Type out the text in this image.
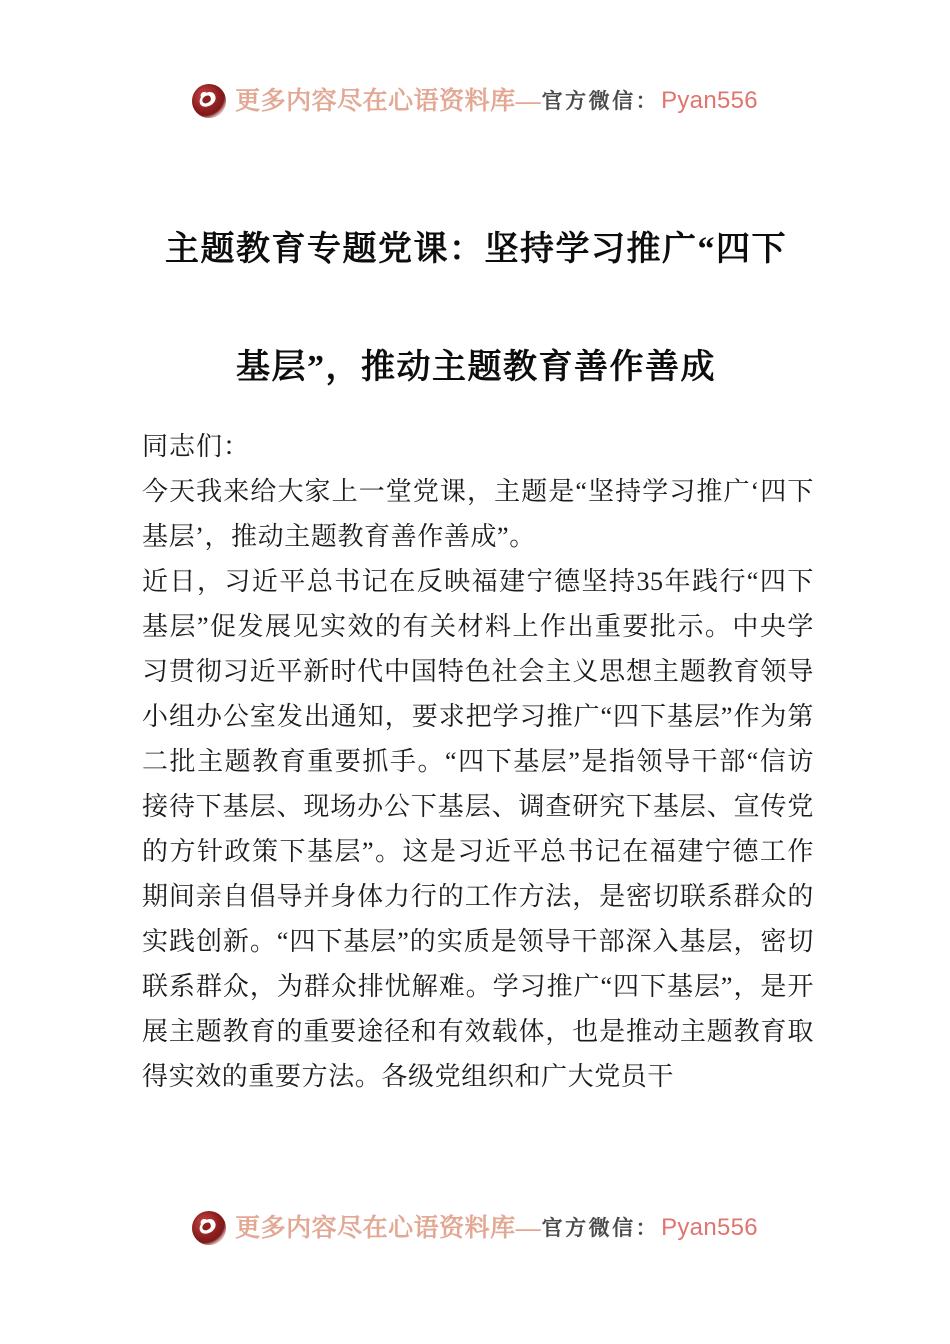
更多内容尽在心语资料库 — 官方微信： Pyan556
主题教育专题党课：坚持学习推广“四下
基层”，推动主题教育善作善成

同志们：

今天我来给大家上一堂党课，主题是“坚持学习推广‘四下基层’，推动主题教育善作善成”。

近日，习近平总书记在反映福建宁德坚持35年践行“四下基层”促发展见实效的有关材料上作出重要批示。中央学习贯彻习近平新时代中国特色社会主义思想主题教育领导小组办公室发出通知，要求把学习推广“四下基层”作为第二批主题教育重要抓手。“四下基层”是指领导干部“信访接待下基层、现场办公下基层、调查研究下基层、宣传党的方针政策下基层”。这是习近平总书记在福建宁德工作期间亲自倡导并身体力行的工作方法，是密切联系群众的实践创新。“四下基层”的实质是领导干部深入基层，密切联系群众，为群众排忧解难。学习推广“四下基层”，是开展主题教育的重要途径和有效载体，也是推动主题教育取得实效的重要方法。各级党组织和广大党员干

更多内容尽在心语资料库 — 官方微信： Pyan556
